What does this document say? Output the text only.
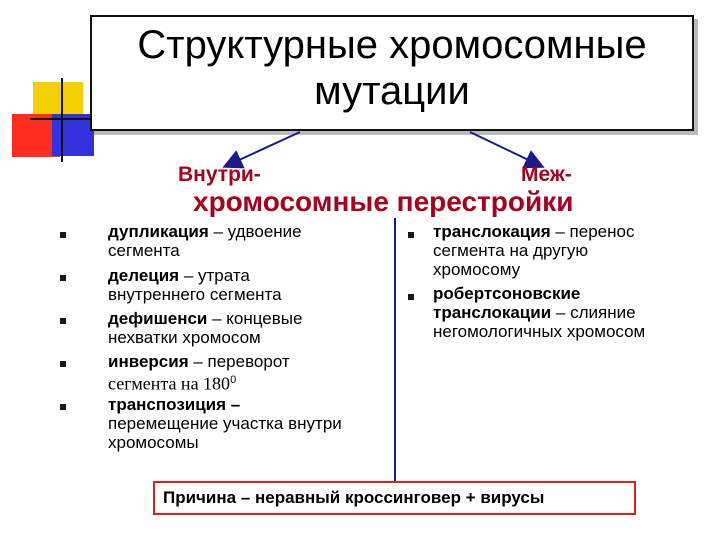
Структурные хромосомные
мутации
Внутри-	Меж-
хромосомные перестройки
дупликация – удвоение
сегмента
делеция – утрата
внутреннего сегмента
дефишенси – концевые
нехватки хромосом
инверсия – переворот
сегмента на $180^0$
транспозиция –
перемещение участка внутри
хромосомы
транслокация – перенос
сегмента на другую
хромосому
робертсоновские
транслокации – слияние
негомологичных хромосом
Причина – неравный кроссинговер + вирусы
